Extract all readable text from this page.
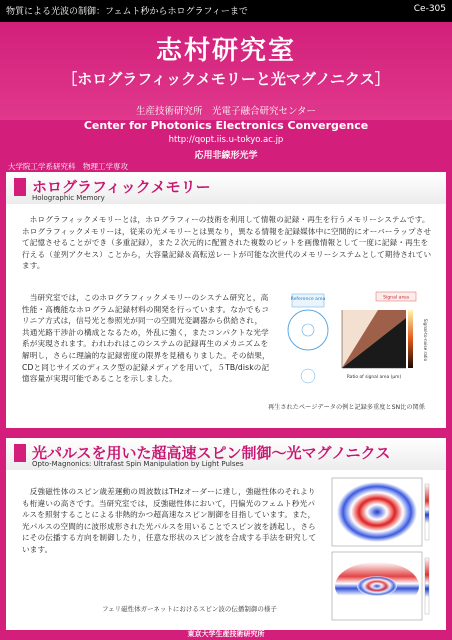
物質による光波の制御：フェムト秒からホログラフィーまで	Ce-305
志村研究室
［ホログラフィックメモリーと光マグノニクス］
生産技術研究所　光電子融合研究センター
Center for Photonics Electronics Convergence
http://qopt.iis.u-tokyo.ac.jp
応用非線形光学
大学院工学系研究科　物理工学専攻
ホログラフィックメモリー
Holographic Memory

　ホログラフィックメモリーとは，ホログラフィーの技術を利用して情報の記録・再生を行うメモリーシステムです。ホログラフィックメモリーは，従来の光メモリーとは異なり，異なる情報を記録媒体中に空間的にオーバーラップさせて記憶させることができ（多重記録），また２次元的に配置された複数のビットを画像情報として一度に記録・再生を行える（並列アクセス）ことから，大容量記録＆高転送レートが可能な次世代のメモリーシステムとして期待されています。

　当研究室では，このホログラフィックメモリーのシステム研究と，高性能・高機能なホログラム記録材料の開発を行っています。なかでもコリニア方式は，信号光と参照光が同一の空間光変調器から供給され，共通光路干渉計の構成となるため，外乱に強く，またコンパクトな光学系が実現されます。われわれはこのシステムの記録再生のメカニズムを解明し，さらに理論的な記録密度の限界を見積もりました。その結果，CDと同じサイズのディスク型の記録メディアを用いて，５TB/diskの記憶容量が実現可能であることを示しました。

Reference area	Signal area
Ratio of signal area (μm)
Signal-to-noise ratio
再生されたページデータの例と記録多重度とSN比の関係
光パルスを用いた超高速スピン制御〜光マグノニクス
Opto-Magnonics: Ultrafast Spin Manipulation by Light Pulses

　反強磁性体のスピン歳差運動の周波数はTHzオーダーに達し，強磁性体のそれよりも桁違いの高さです。当研究室では，反強磁性体において，円偏光のフェムト秒光パルスを照射することによる非熱的かつ超高速なスピン制御を目指しています。また，光パルスの空間的に波形成形された光パルスを用いることでスピン波を誘起し，さらにその伝播する方向を制御したり，任意な形状のスピン波を合成する手法を研究しています。

フェリ磁性体ガーネットにおけるスピン波の伝播制御の様子
東京大学生産技術研究所
